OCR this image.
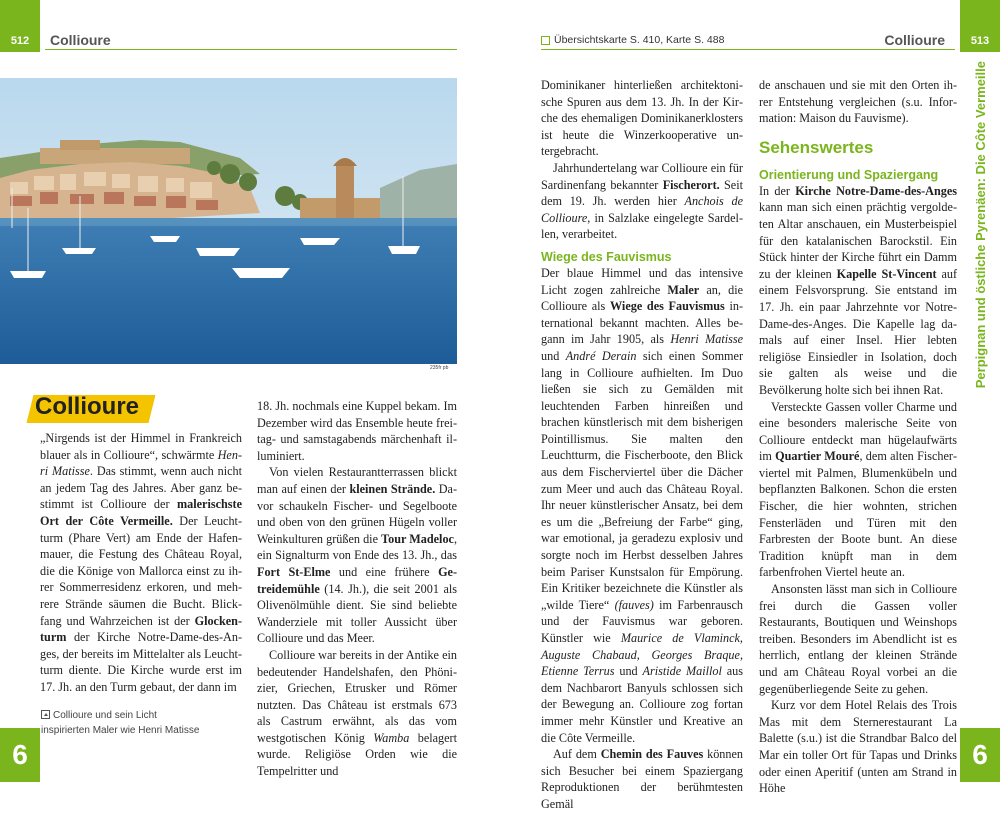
512	Collioure
235fr pb
Collioure

„Nirgends ist der Himmel in Frankreich blauer als in Collioure“, schwärmte Henri Matisse. Das stimmt, wenn auch nicht an jedem Tag des Jahres. Aber ganz bestimmt ist Collioure der malerischste Ort der Côte Vermeille. Der Leuchtturm (Phare Vert) am Ende der Hafenmauer, die Festung des Château Royal, die die Könige von Mallorca einst zu ihrer Sommerresidenz erkoren, und mehrere Strände säumen die Bucht. Blickfang und Wahrzeichen ist der Glockenturm der Kirche Notre-Dame-des-Anges, der bereits im Mittelalter als Leuchtturm diente. Die Kirche wurde erst im 17. Jh. an den Turm gebaut, der dann im

18. Jh. nochmals eine Kuppel bekam. Im Dezember wird das Ensemble heute freitag- und samstagabends märchenhaft illuminiert.

Von vielen Restaurantterrassen blickt man auf einen der kleinen Strände. Davor schaukeln Fischer- und Segelboote und oben von den grünen Hügeln voller Weinkulturen grüßen die Tour Madeloc, ein Signalturm von Ende des 13. Jh., das Fort St-Elme und eine frühere Getreidemühle (14. Jh.), die seit 2001 als Olivenölmühle dient. Sie sind beliebte Wanderziele mit toller Aussicht über Collioure und das Meer.

Collioure war bereits in der Antike ein bedeutender Handelshafen, den Phönizier, Griechen, Etrusker und Römer nutzten. Das Château ist erstmals 673 als Castrum erwähnt, als das vom westgotischen König Wamba belagert wurde. Religiöse Orden wie die Tempelritter und

Collioure und sein Licht
inspirierten Maler wie Henri Matisse
6
513
Übersichtskarte S. 410, Karte S. 488	Collioure
Perpignan und östliche Pyrenäen: Die Côte Vermeille

Dominikaner hinterließen architektonische Spuren aus dem 13. Jh. In der Kirche des ehemaligen Dominikanerklosters ist heute die Winzerkooperative untergebracht.

Jahrhundertelang war Collioure ein für Sardinenfang bekannter Fischerort. Seit dem 19. Jh. werden hier Anchois de Collioure, in Salzlake eingelegte Sardellen, verarbeitet.

Wiege des Fauvismus

Der blaue Himmel und das intensive Licht zogen zahlreiche Maler an, die Collioure als Wiege des Fauvismus international bekannt machten. Alles begann im Jahr 1905, als Henri Matisse und André Derain sich einen Sommer lang in Collioure aufhielten. Im Duo ließen sie sich zu Gemälden mit leuchtenden Farben hinreißen und brachen künstlerisch mit dem bisherigen Pointillismus. Sie malten den Leuchtturm, die Fischerboote, den Blick aus dem Fischerviertel über die Dächer zum Meer und auch das Château Royal. Ihr neuer künstlerischer Ansatz, bei dem es um die „Befreiung der Farbe“ ging, war emotional, ja geradezu explosiv und sorgte noch im Herbst desselben Jahres beim Pariser Kunstsalon für Empörung. Ein Kritiker bezeichnete die Künstler als „wilde Tiere“ (fauves) im Farbenrausch und der Fauvismus war geboren. Künstler wie Maurice de Vlaminck, Auguste Chabaud, Georges Braque, Etienne Terrus und Aristide Maillol aus dem Nachbarort Banyuls schlossen sich der Bewegung an. Collioure zog fortan immer mehr Künstler und Kreative an die Côte Vermeille.

Auf dem Chemin des Fauves können sich Besucher bei einem Spaziergang Reproduktionen der berühmtesten Gemäl

de anschauen und sie mit den Orten ihrer Entstehung vergleichen (s.u. Information: Maison du Fauvisme).

Sehenswertes
Orientierung und Spaziergang

In der Kirche Notre-Dame-des-Anges kann man sich einen prächtig vergoldeten Altar anschauen, ein Musterbeispiel für den katalanischen Barockstil. Ein Stück hinter der Kirche führt ein Damm zu der kleinen Kapelle St-Vincent auf einem Felsvorsprung. Sie entstand im 17. Jh. ein paar Jahrzehnte vor Notre-Dame-des-Anges. Die Kapelle lag damals auf einer Insel. Hier lebten religiöse Einsiedler in Isolation, doch sie galten als weise und die Bevölkerung holte sich bei ihnen Rat.

Versteckte Gassen voller Charme und eine besonders malerische Seite von Collioure entdeckt man hügelaufwärts im Quartier Mouré, dem alten Fischerviertel mit Palmen, Blumenkübeln und bepflanzten Balkonen. Schon die ersten Fischer, die hier wohnten, strichen Fensterläden und Türen mit den Farbresten der Boote bunt. An diese Tradition knüpft man in dem farbenfrohen Viertel heute an.

Ansonsten lässt man sich in Collioure frei durch die Gassen voller Restaurants, Boutiquen und Weinshops treiben. Besonders im Abendlicht ist es herrlich, entlang der kleinen Strände und am Château Royal vorbei an die gegenüberliegende Seite zu gehen.

Kurz vor dem Hotel Relais des Trois Mas mit dem Sternerestaurant La Balette (s.u.) ist die Strandbar Balco del Mar ein toller Ort für Tapas und Drinks oder einen Aperitif (unten am Strand in Höhe

6
